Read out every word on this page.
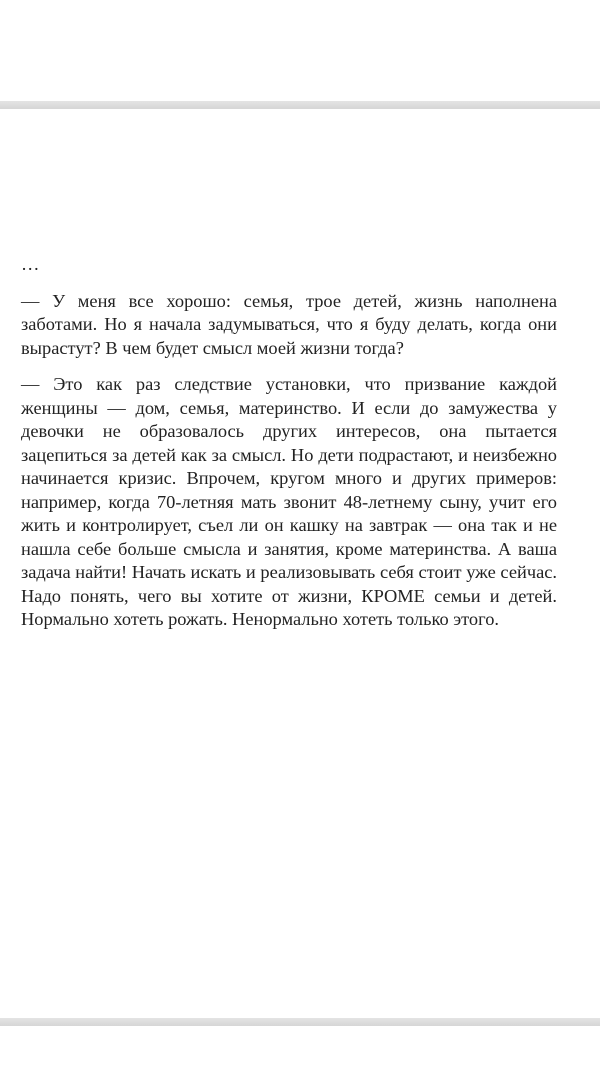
…

— У меня все хорошо: семья, трое детей, жизнь наполнена заботами. Но я начала задумываться, что я буду делать, когда они вырастут? В чем будет смысл моей жизни тогда?

— Это как раз следствие установки, что призвание каждой женщины — дом, семья, материнство. И если до замужества у девочки не образовалось других интересов, она пытается зацепиться за детей как за смысл. Но дети подрастают, и неизбежно начинается кризис. Впрочем, кругом много и других примеров: например, когда 70-летняя мать звонит 48-летнему сыну, учит его жить и контролирует, съел ли он кашку на завтрак — она так и не нашла себе больше смысла и занятия, кроме материнства. А ваша задача найти! Начать искать и реализовывать себя стоит уже сейчас. Надо понять, чего вы хотите от жизни, КРОМЕ семьи и детей. Нормально хотеть рожать. Ненормально хотеть только этого.
